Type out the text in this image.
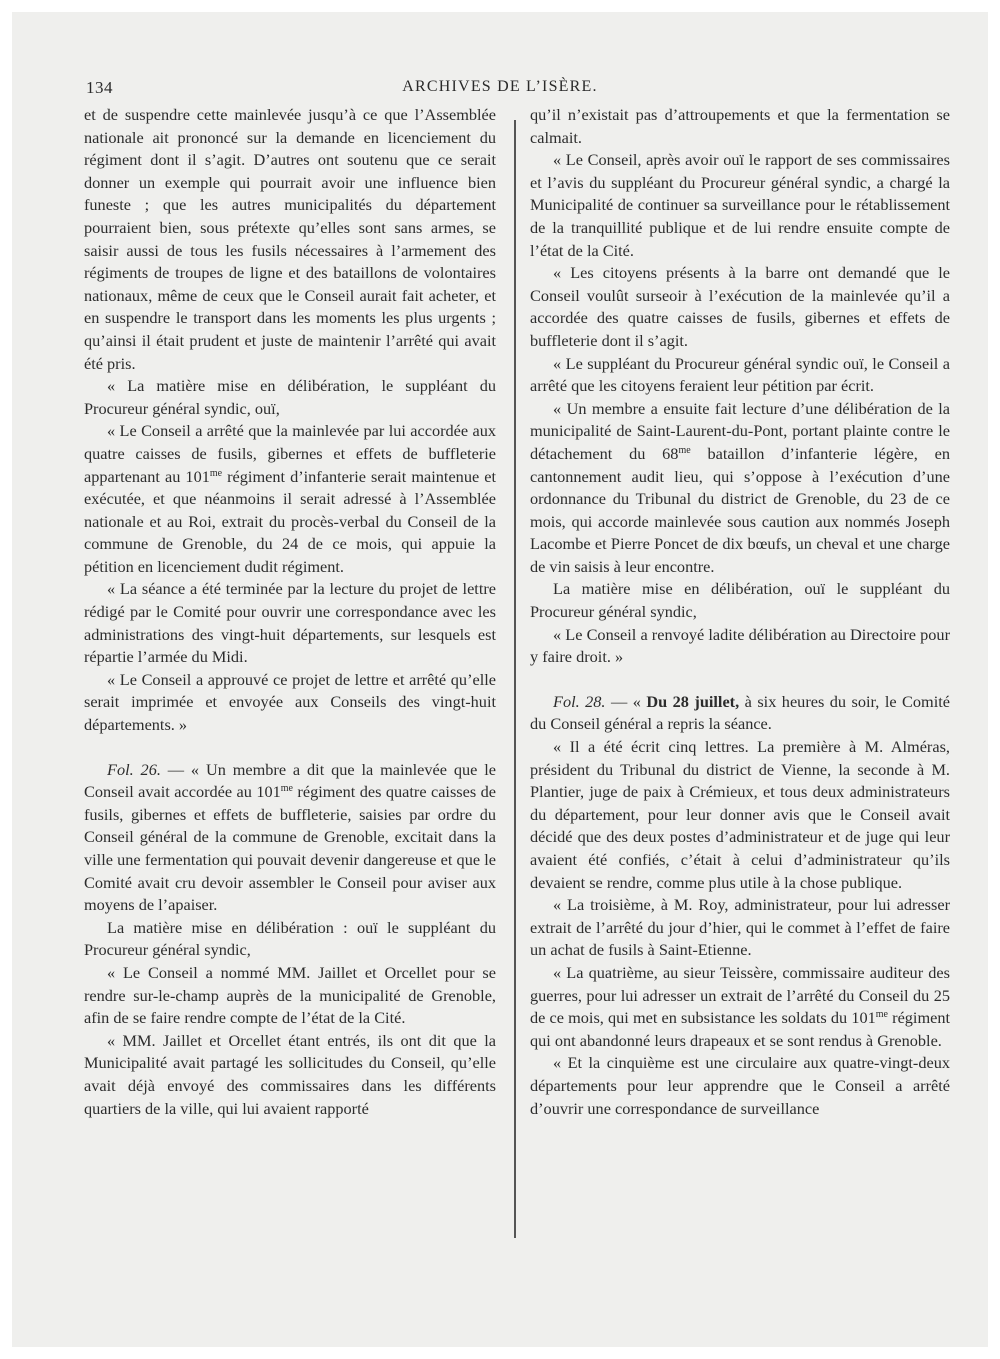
134	ARCHIVES DE L’ISÈRE.

et de suspendre cette mainlevée jusqu’à ce que l’Assemblée nationale ait prononcé sur la demande en licenciement du régiment dont il s’agit. D’autres ont soutenu que ce serait donner un exemple qui pourrait avoir une influence bien funeste ; que les autres municipalités du département pourraient bien, sous prétexte qu’elles sont sans armes, se saisir aussi de tous les fusils nécessaires à l’armement des régiments de troupes de ligne et des bataillons de volontaires nationaux, même de ceux que le Conseil aurait fait acheter, et en suspendre le transport dans les moments les plus urgents ; qu’ainsi il était prudent et juste de maintenir l’arrêté qui avait été pris.

« La matière mise en délibération, le suppléant du Procureur général syndic, ouï,

« Le Conseil a arrêté que la mainlevée par lui accordée aux quatre caisses de fusils, gibernes et effets de buffleterie appartenant au $101^{me}$ régiment d’infanterie serait maintenue et exécutée, et que néanmoins il serait adressé à l’Assemblée nationale et au Roi, extrait du procès-verbal du Conseil de la commune de Grenoble, du 24 de ce mois, qui appuie la pétition en licenciement dudit régiment.

« La séance a été terminée par la lecture du projet de lettre rédigé par le Comité pour ouvrir une correspondance avec les administrations des vingt-huit départements, sur lesquels est répartie l’armée du Midi.

« Le Conseil a approuvé ce projet de lettre et arrêté qu’elle serait imprimée et envoyée aux Conseils des vingt-huit départements. »

Fol. 26. — « Un membre a dit que la mainlevée que le Conseil avait accordée au $101^{me}$ régiment des quatre caisses de fusils, gibernes et effets de buffleterie, saisies par ordre du Conseil général de la commune de Grenoble, excitait dans la ville une fermentation qui pouvait devenir dangereuse et que le Comité avait cru devoir assembler le Conseil pour aviser aux moyens de l’apaiser.

La matière mise en délibération : ouï le suppléant du Procureur général syndic,

« Le Conseil a nommé MM. Jaillet et Orcellet pour se rendre sur-le-champ auprès de la municipalité de Grenoble, afin de se faire rendre compte de l’état de la Cité.

« MM. Jaillet et Orcellet étant entrés, ils ont dit que la Municipalité avait partagé les sollicitudes du Conseil, qu’elle avait déjà envoyé des commissaires dans les différents quartiers de la ville, qui lui avaient rapporté

qu’il n’existait pas d’attroupements et que la fermentation se calmait.

« Le Conseil, après avoir ouï le rapport de ses commissaires et l’avis du suppléant du Procureur général syndic, a chargé la Municipalité de continuer sa surveillance pour le rétablissement de la tranquillité publique et de lui rendre ensuite compte de l’état de la Cité.

« Les citoyens présents à la barre ont demandé que le Conseil voulût surseoir à l’exécution de la mainlevée qu’il a accordée des quatre caisses de fusils, gibernes et effets de buffleterie dont il s’agit.

« Le suppléant du Procureur général syndic ouï, le Conseil a arrêté que les citoyens feraient leur pétition par écrit.

« Un membre a ensuite fait lecture d’une délibération de la municipalité de Saint-Laurent-du-Pont, portant plainte contre le détachement du $68^{me}$ bataillon d’infanterie légère, en cantonnement audit lieu, qui s’oppose à l’exécution d’une ordonnance du Tribunal du district de Grenoble, du 23 de ce mois, qui accorde mainlevée sous caution aux nommés Joseph Lacombe et Pierre Poncet de dix bœufs, un cheval et une charge de vin saisis à leur encontre.

La matière mise en délibération, ouï le suppléant du Procureur général syndic,

« Le Conseil a renvoyé ladite délibération au Directoire pour y faire droit. »

Fol. 28. — « Du 28 juillet, à six heures du soir, le Comité du Conseil général a repris la séance.

« Il a été écrit cinq lettres. La première à M. Alméras, président du Tribunal du district de Vienne, la seconde à M. Plantier, juge de paix à Crémieux, et tous deux administrateurs du département, pour leur donner avis que le Conseil avait décidé que des deux postes d’administrateur et de juge qui leur avaient été confiés, c’était à celui d’administrateur qu’ils devaient se rendre, comme plus utile à la chose publique.

« La troisième, à M. Roy, administrateur, pour lui adresser extrait de l’arrêté du jour d’hier, qui le commet à l’effet de faire un achat de fusils à Saint-Etienne.

« La quatrième, au sieur Teissère, commissaire auditeur des guerres, pour lui adresser un extrait de l’arrêté du Conseil du 25 de ce mois, qui met en subsistance les soldats du $101^{me}$ régiment qui ont abandonné leurs drapeaux et se sont rendus à Grenoble.

« Et la cinquième est une circulaire aux quatre-vingt-deux départements pour leur apprendre que le Conseil a arrêté d’ouvrir une correspondance de surveillance
